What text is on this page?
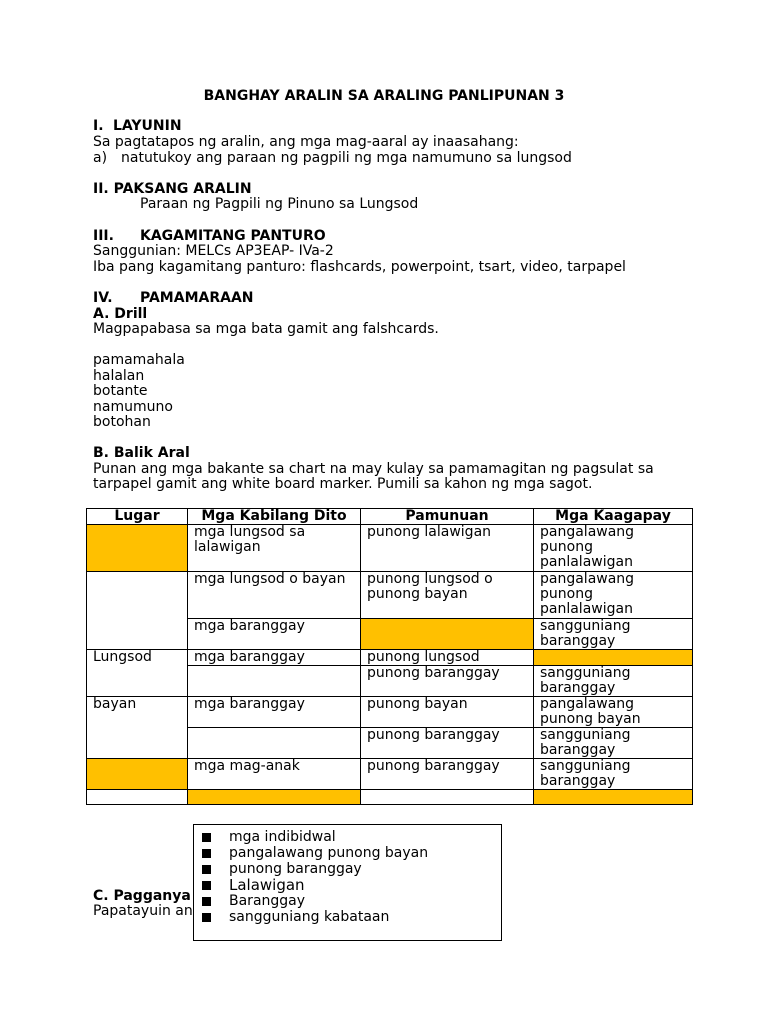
BANGHAY ARALIN SA ARALING PANLIPUNAN 3
I. LAYUNIN
Sa pagtatapos ng aralin, ang mga mag-aaral ay inaasahang:
a) natutukoy ang paraan ng pagpili ng mga namumuno sa lungsod
II. PAKSANG ARALIN
Paraan ng Pagpili ng Pinuno sa Lungsod
III. KAGAMITANG PANTURO
Sanggunian: MELCs AP3EAP- IVa-2
Iba pang kagamitang panturo: flashcards, powerpoint, tsart, video, tarpapel
IV. PAMAMARAAN
A. Drill
Magpapabasa sa mga bata gamit ang falshcards.
pamamahala
halalan
botante
namumuno
botohan
B. Balik Aral
Punan ang mga bakante sa chart na may kulay sa pamamagitan ng pagsulat sa
tarpapel gamit ang white board marker. Pumili sa kahon ng mga sagot.
Lugar	Mga Kabilang Dito	Pamunuan	Mga Kaagapay
	mga lungsod sa lalawigan	punong lalawigan	pangalawang punong panlalawigan
	mga lungsod o bayan	punong lungsod o punong bayan	pangalawang punong panlalawigan
	mga baranggay		sangguniang baranggay
Lungsod	mga baranggay	punong lungsod	
		punong baranggay	sangguniang baranggay
bayan	mga baranggay	punong bayan	pangalawang punong bayan
		punong baranggay	sangguniang baranggay
	mga mag-anak	punong baranggay	sangguniang baranggay

C. Pagganya
Papatayuin an
mga indibidwal
pangalawang punong bayan
punong baranggay
Lalawigan
Baranggay
sangguniang kabataan
